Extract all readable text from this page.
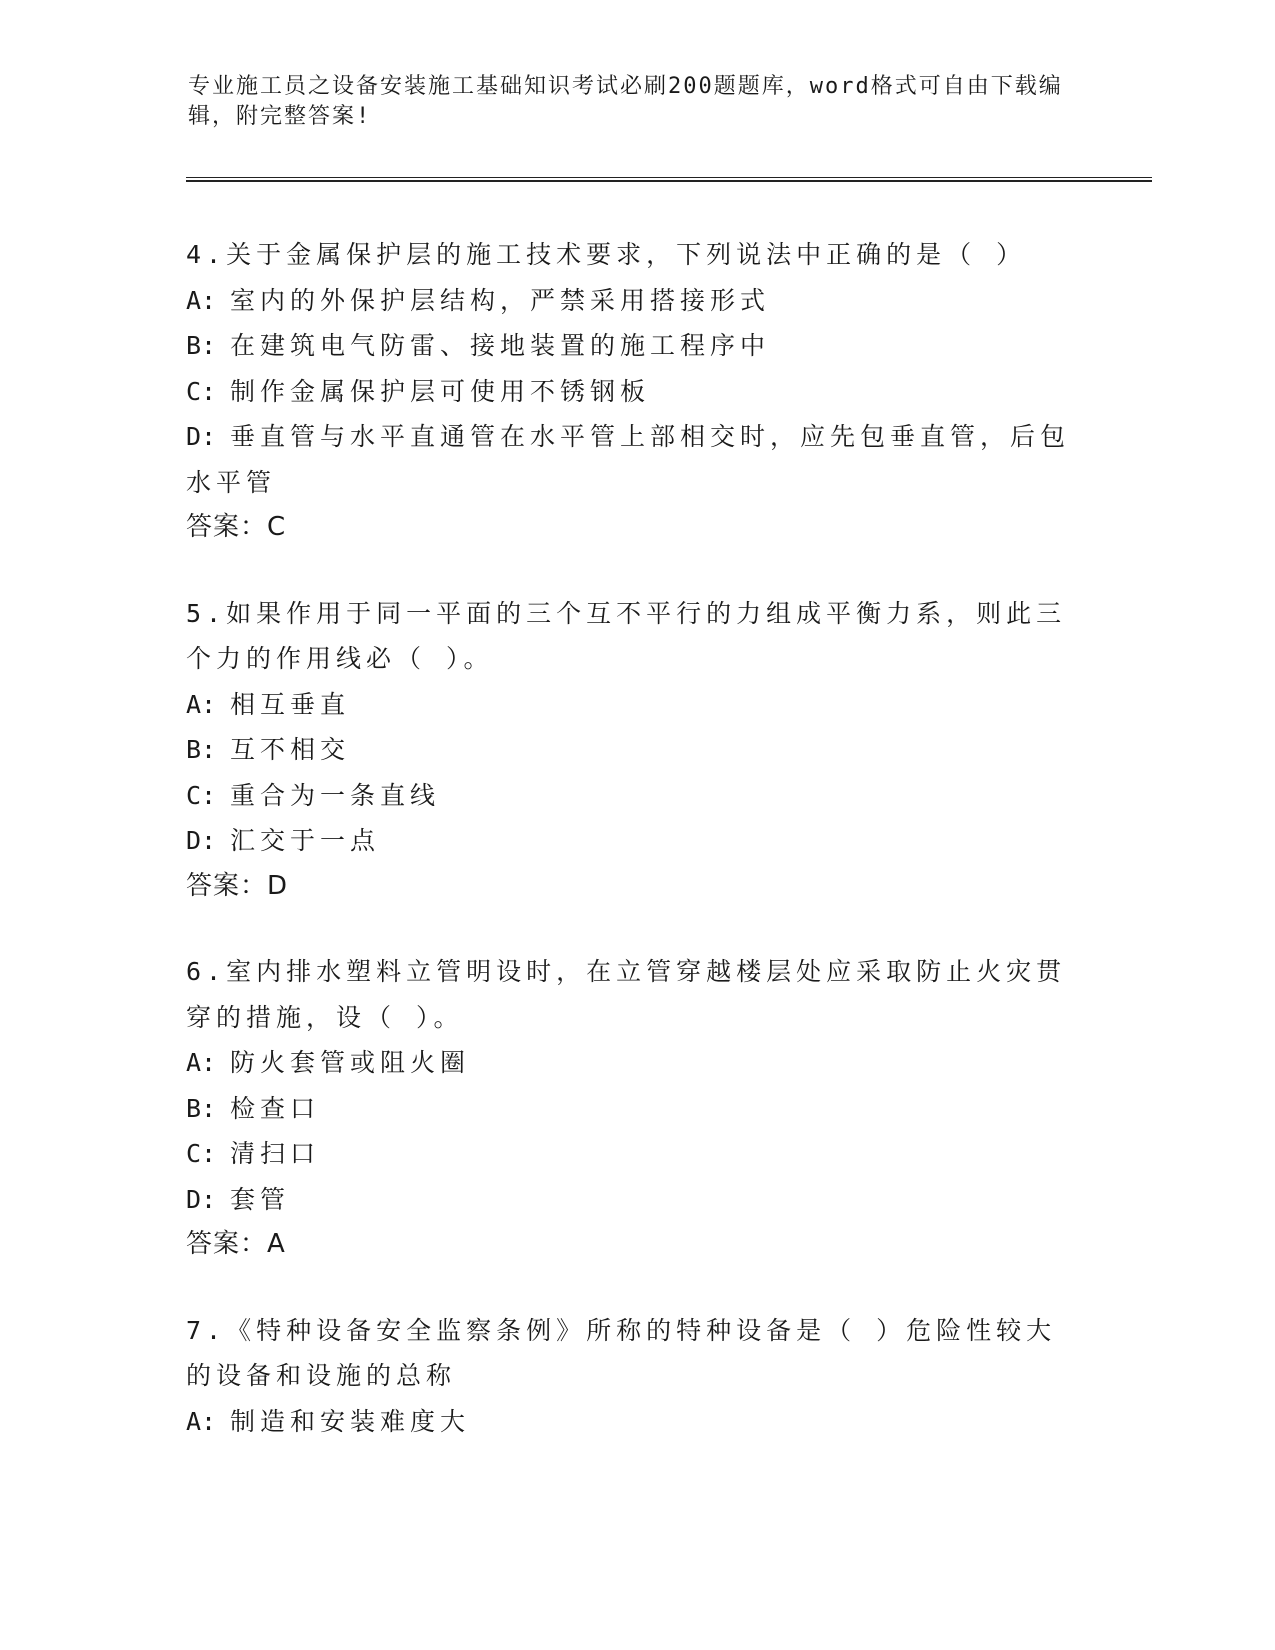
专业施工员之设备安装施工基础知识考试必刷200题题库，word格式可自由下载编辑，附完整答案!
4.关于金属保护层的施工技术要求，下列说法中正确的是（ ）
A: 室内的外保护层结构，严禁采用搭接形式
B: 在建筑电气防雷、接地装置的施工程序中
C: 制作金属保护层可使用不锈钢板
D: 垂直管与水平直通管在水平管上部相交时，应先包垂直管，后包水平管
答案：C
5.如果作用于同一平面的三个互不平行的力组成平衡力系，则此三个力的作用线必（ ）。
A: 相互垂直
B: 互不相交
C: 重合为一条直线
D: 汇交于一点
答案：D
6.室内排水塑料立管明设时，在立管穿越楼层处应采取防止火灾贯穿的措施，设（ ）。
A: 防火套管或阻火圈
B: 检查口
C: 清扫口
D: 套管
答案：A
7.《特种设备安全监察条例》所称的特种设备是（ ）危险性较大的设备和设施的总称
A: 制造和安装难度大
